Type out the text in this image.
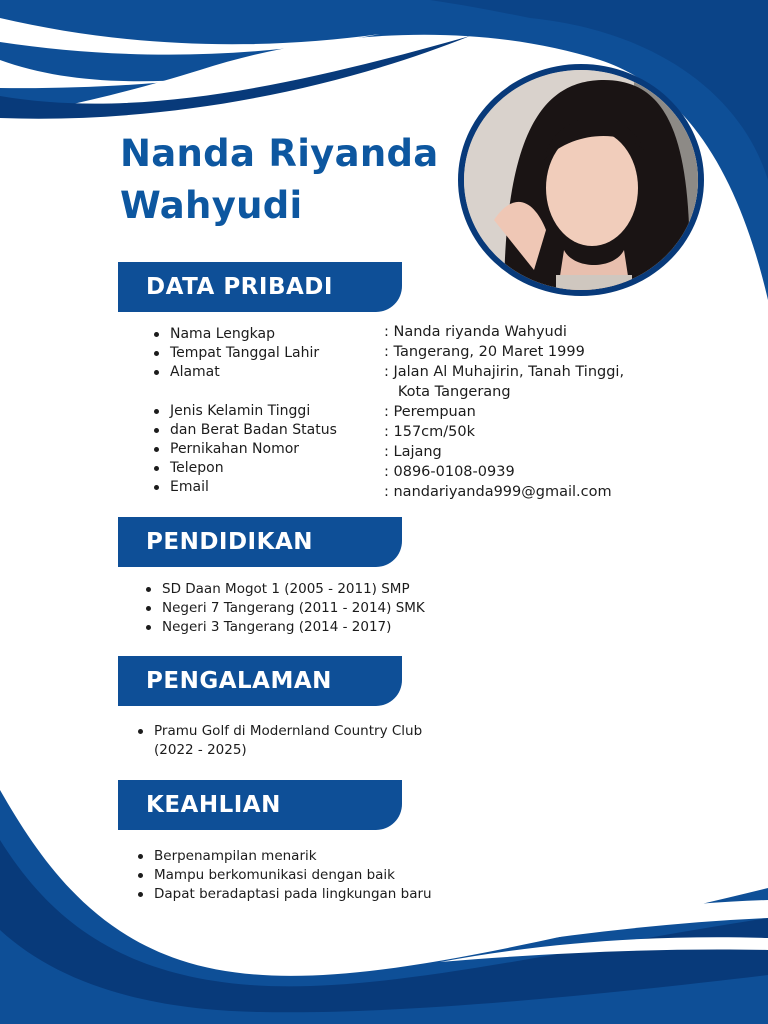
Nanda Riyanda
Wahyudi
DATA PRIBADI
Nama Lengkap
Tempat Tanggal Lahir
Alamat
Jenis Kelamin Tinggi
dan Berat Badan Status
Pernikahan Nomor
Telepon
Email
: Nanda riyanda Wahyudi
: Tangerang, 20 Maret 1999
: Jalan Al Muhajirin, Tanah Tinggi,
Kota Tangerang
: Perempuan
: 157cm/50k
: Lajang
: 0896-0108-0939
: nandariyanda999@gmail.com
PENDIDIKAN
SD Daan Mogot 1 (2005 - 2011) SMP
Negeri 7 Tangerang (2011 - 2014) SMK
Negeri 3 Tangerang (2014 - 2017)
PENGALAMAN
Pramu Golf di Modernland Country Club (2022 - 2025)
KEAHLIAN
Berpenampilan menarik
Mampu berkomunikasi dengan baik
Dapat beradaptasi pada lingkungan baru
